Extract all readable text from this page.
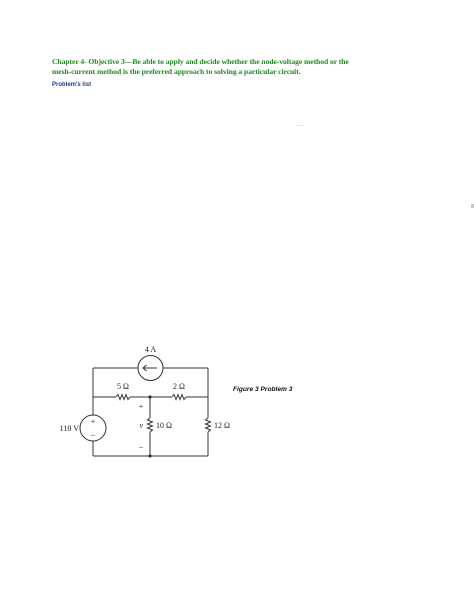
Chapter 4- Objective 3—Be able to apply and decide whether the node-voltage method or the
mesh-current method is the preferred approach to solving a particular circuit.
Problem's list
+
–
4 A
5 Ω	2 Ω
110 V	10 Ω	12 Ω
v
+
–
Figure 3 Problem 3
